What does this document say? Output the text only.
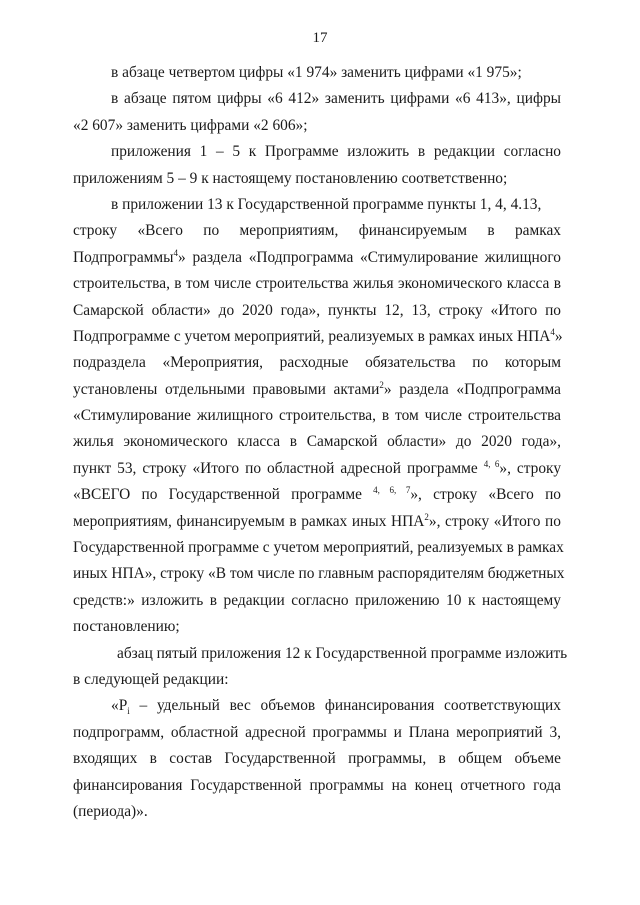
17
в абзаце четвертом цифры «1 974» заменить цифрами «1 975»;
в абзаце пятом цифры «6 412» заменить цифрами «6 413», цифры
«2 607» заменить цифрами «2 606»;
приложения 1 – 5 к Программе изложить в редакции согласно
приложениям 5 – 9 к настоящему постановлению соответственно;
в приложении 13 к Государственной программе пункты 1, 4, 4.13,
строку «Всего по мероприятиям, финансируемым в рамках
Подпрограммы$^4$» раздела «Подпрограмма «Стимулирование жилищного
строительства, в том числе строительства жилья экономического класса в
Самарской области» до 2020 года», пункты 12, 13, строку «Итого по
Подпрограмме с учетом мероприятий, реализуемых в рамках иных НПА$^4$»
подраздела «Мероприятия, расходные обязательства по которым
установлены отдельными правовыми актами$^2$» раздела «Подпрограмма
«Стимулирование жилищного строительства, в том числе строительства
жилья экономического класса в Самарской области» до 2020 года»,
пункт 53, строку «Итого по областной адресной программе $^{4, 6}$», строку
«ВСЕГО по Государственной программе $^{4, 6, 7}$», строку «Всего по
мероприятиям, финансируемым в рамках иных НПА$^2$», строку «Итого по
Государственной программе с учетом мероприятий, реализуемых в рамках
иных НПА», строку «В том числе по главным распорядителям бюджетных
средств:» изложить в редакции согласно приложению 10 к настоящему
постановлению;
абзац пятый приложения 12 к Государственной программе изложить
в следующей редакции:
«$P_i$ – удельный вес объемов финансирования соответствующих
подпрограмм, областной адресной программы и Плана мероприятий 3,
входящих в состав Государственной программы, в общем объеме
финансирования Государственной программы на конец отчетного года
(периода)».
